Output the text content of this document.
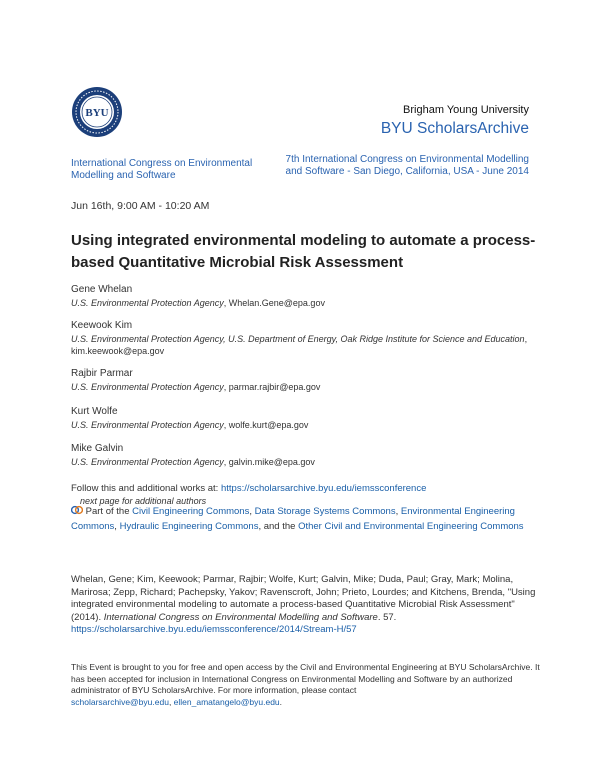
BYU	Brigham Young University
BYU ScholarsArchive
International Congress on Environmental Modelling and Software
7th International Congress on Environmental Modelling and Software - San Diego, California, USA - June 2014
Jun 16th, 9:00 AM - 10:20 AM
Using integrated environmental modeling to automate a process-based Quantitative Microbial Risk Assessment
Gene Whelan
U.S. Environmental Protection Agency, Whelan.Gene@epa.gov
Keewook Kim
U.S. Environmental Protection Agency, U.S. Department of Energy, Oak Ridge Institute for Science and Education, kim.keewook@epa.gov
Rajbir Parmar
U.S. Environmental Protection Agency, parmar.rajbir@epa.gov
Kurt Wolfe
U.S. Environmental Protection Agency, wolfe.kurt@epa.gov
Mike Galvin
U.S. Environmental Protection Agency, galvin.mike@epa.gov
Follow this and additional works at: https://scholarsarchive.byu.edu/iemssconference
next page for additional authors
Part of the Civil Engineering Commons, Data Storage Systems Commons, Environmental Engineering Commons, Hydraulic Engineering Commons, and the Other Civil and Environmental Engineering Commons
Whelan, Gene; Kim, Keewook; Parmar, Rajbir; Wolfe, Kurt; Galvin, Mike; Duda, Paul; Gray, Mark; Molina, Marirosa; Zepp, Richard; Pachepsky, Yakov; Ravenscroft, John; Prieto, Lourdes; and Kitchens, Brenda, "Using integrated environmental modeling to automate a process-based Quantitative Microbial Risk Assessment" (2014). International Congress on Environmental Modelling and Software. 57.
https://scholarsarchive.byu.edu/iemssconference/2014/Stream-H/57
This Event is brought to you for free and open access by the Civil and Environmental Engineering at BYU ScholarsArchive. It has been accepted for inclusion in International Congress on Environmental Modelling and Software by an authorized administrator of BYU ScholarsArchive. For more information, please contact
scholarsarchive@byu.edu, ellen_amatangelo@byu.edu.
